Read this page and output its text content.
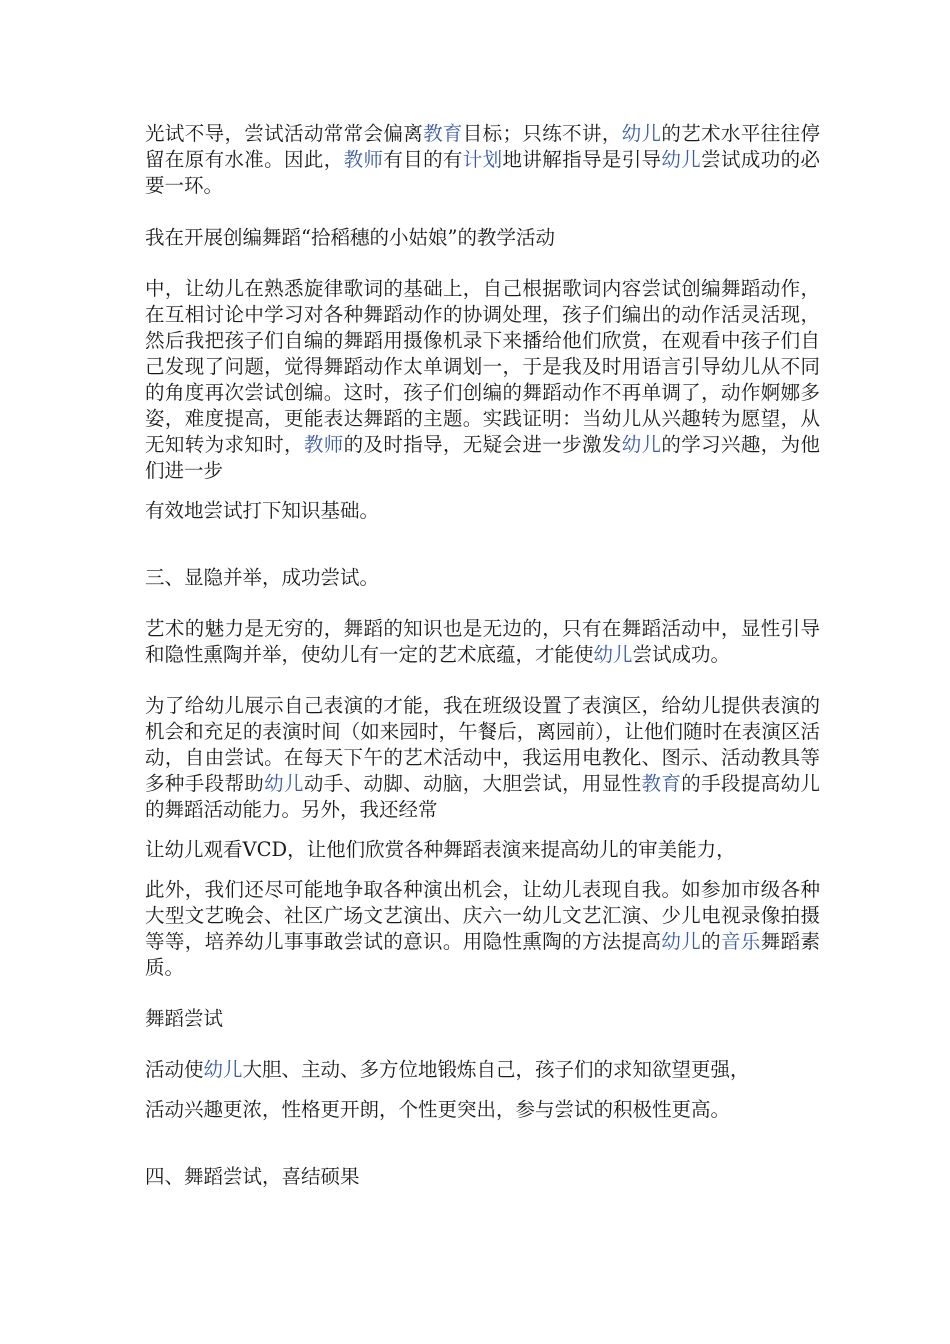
光试不导，尝试活动常常会偏离教育目标；只练不讲，幼儿的艺术水平往往停留在原有水准。因此，教师有目的有计划地讲解指导是引导幼儿尝试成功的必要一环。

我在开展创编舞蹈“拾稻穗的小姑娘”的教学活动

中，让幼儿在熟悉旋律歌词的基础上，自己根据歌词内容尝试创编舞蹈动作，在互相讨论中学习对各种舞蹈动作的协调处理，孩子们编出的动作活灵活现，然后我把孩子们自编的舞蹈用摄像机录下来播给他们欣赏，在观看中孩子们自己发现了问题，觉得舞蹈动作太单调划一，于是我及时用语言引导幼儿从不同的角度再次尝试创编。这时，孩子们创编的舞蹈动作不再单调了，动作婀娜多姿，难度提高，更能表达舞蹈的主题。实践证明：当幼儿从兴趣转为愿望，从无知转为求知时，教师的及时指导，无疑会进一步激发幼儿的学习兴趣，为他们进一步

有效地尝试打下知识基础。

三、显隐并举，成功尝试。

艺术的魅力是无穷的，舞蹈的知识也是无边的，只有在舞蹈活动中，显性引导和隐性熏陶并举，使幼儿有一定的艺术底蕴，才能使幼儿尝试成功。

为了给幼儿展示自己表演的才能，我在班级设置了表演区，给幼儿提供表演的机会和充足的表演时间（如来园时，午餐后，离园前），让他们随时在表演区活动，自由尝试。在每天下午的艺术活动中，我运用电教化、图示、活动教具等多种手段帮助幼儿动手、动脚、动脑，大胆尝试，用显性教育的手段提高幼儿的舞蹈活动能力。另外，我还经常

让幼儿观看VCD，让他们欣赏各种舞蹈表演来提高幼儿的审美能力，

此外，我们还尽可能地争取各种演出机会，让幼儿表现自我。如参加市级各种大型文艺晚会、社区广场文艺演出、庆六一幼儿文艺汇演、少儿电视录像拍摄等等，培养幼儿事事敢尝试的意识。用隐性熏陶的方法提高幼儿的音乐舞蹈素质。

舞蹈尝试

活动使幼儿大胆、主动、多方位地锻炼自己，孩子们的求知欲望更强，

活动兴趣更浓，性格更开朗，个性更突出，参与尝试的积极性更高。

四、舞蹈尝试，喜结硕果
